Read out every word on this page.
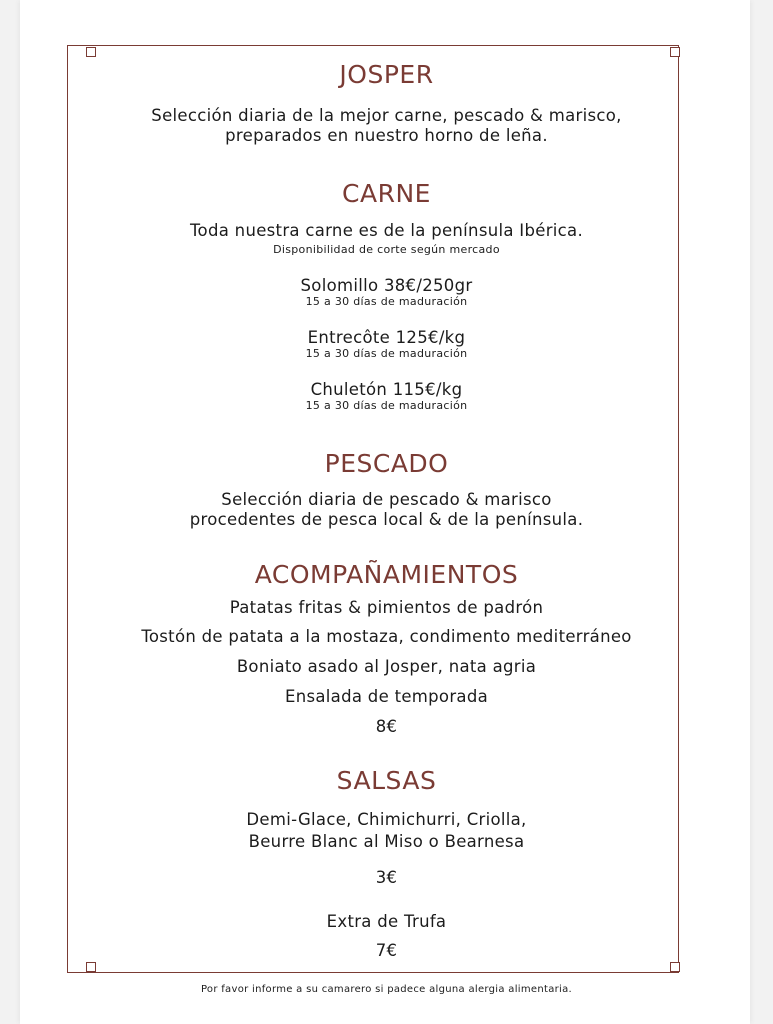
JOSPER
Selección diaria de la mejor carne, pescado & marisco,
preparados en nuestro horno de leña.
CARNE
Toda nuestra carne es de la península Ibérica.
Disponibilidad de corte según mercado
Solomillo 38€/250gr
15 a 30 días de maduración
Entrecôte 125€/kg
15 a 30 días de maduración
Chuletón 115€/kg
15 a 30 días de maduración
PESCADO
Selección diaria de pescado & marisco
procedentes de pesca local & de la península.
ACOMPAÑAMIENTOS
Patatas fritas & pimientos de padrón
Tostón de patata a la mostaza, condimento mediterráneo
Boniato asado al Josper, nata agria
Ensalada de temporada
8€
SALSAS
Demi-Glace, Chimichurri, Criolla,
Beurre Blanc al Miso o Bearnesa
3€
Extra de Trufa
7€
Por favor informe a su camarero si padece alguna alergia alimentaria.
